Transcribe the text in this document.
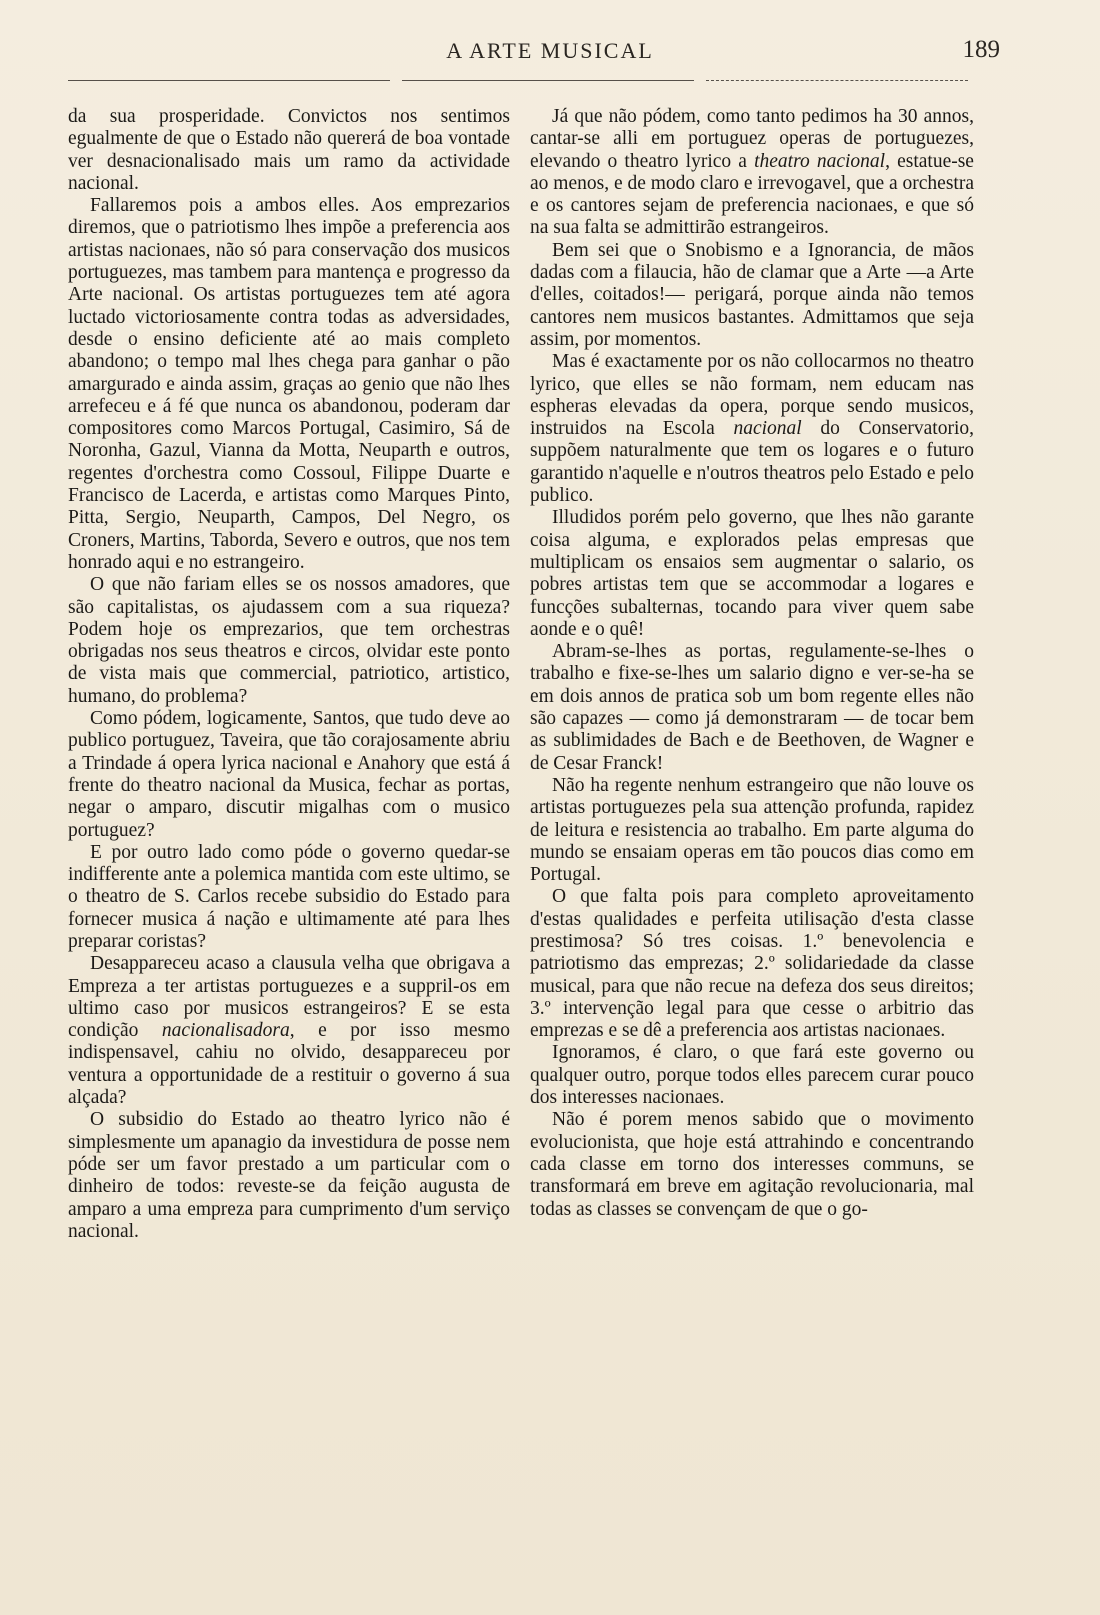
A ARTE MUSICAL	189

da sua prosperidade. Convictos nos sentimos egualmente de que o Estado não quererá de boa vontade ver desnacionalisado mais um ramo da actividade nacional.

Fallaremos pois a ambos elles. Aos emprezarios diremos, que o patriotismo lhes impõe a preferencia aos artistas nacionaes, não só para conservação dos musicos portuguezes, mas tambem para mantença e progresso da Arte nacional. Os artistas portuguezes tem até agora luctado victoriosamente contra todas as adversidades, desde o ensino deficiente até ao mais completo abandono; o tempo mal lhes chega para ganhar o pão amargurado e ainda assim, graças ao genio que não lhes arrefeceu e á fé que nunca os abandonou, poderam dar compositores como Marcos Portugal, Casimiro, Sá de Noronha, Gazul, Vianna da Motta, Neuparth e outros, regentes d'orchestra como Cossoul, Filippe Duarte e Francisco de Lacerda, e artistas como Marques Pinto, Pitta, Sergio, Neuparth, Campos, Del Negro, os Croners, Martins, Taborda, Severo e outros, que nos tem honrado aqui e no estrangeiro.

O que não fariam elles se os nossos amadores, que são capitalistas, os ajudassem com a sua riqueza? Podem hoje os emprezarios, que tem orchestras obrigadas nos seus theatros e circos, olvidar este ponto de vista mais que commercial, patriotico, artistico, humano, do problema?

Como pódem, logicamente, Santos, que tudo deve ao publico portuguez, Taveira, que tão corajosamente abriu a Trindade á opera lyrica nacional e Anahory que está á frente do theatro nacional da Musica, fechar as portas, negar o amparo, discutir migalhas com o musico portuguez?

E por outro lado como póde o governo quedar-se indifferente ante a polemica mantida com este ultimo, se o theatro de S. Carlos recebe subsidio do Estado para fornecer musica á nação e ultimamente até para lhes preparar coristas?

Desappareceu acaso a clausula velha que obrigava a Empreza a ter artistas portuguezes e a suppril-os em ultimo caso por musicos estrangeiros? E se esta condição nacionalisadora, e por isso mesmo indispensavel, cahiu no olvido, desappareceu por ventura a opportunidade de a restituir o governo á sua alçada?

O subsidio do Estado ao theatro lyrico não é simplesmente um apanagio da investidura de posse nem póde ser um favor prestado a um particular com o dinheiro de todos: reveste-se da feição augusta de amparo a uma empreza para cumprimento d'um serviço nacional.

Já que não pódem, como tanto pedimos ha 30 annos, cantar-se alli em portuguez operas de portuguezes, elevando o theatro lyrico a theatro nacional, estatue-se ao menos, e de modo claro e irrevogavel, que a orchestra e os cantores sejam de preferencia nacionaes, e que só na sua falta se admittirão estrangeiros.

Bem sei que o Snobismo e a Ignorancia, de mãos dadas com a filaucia, hão de clamar que a Arte —a Arte d'elles, coitados!— perigará, porque ainda não temos cantores nem musicos bastantes. Admittamos que seja assim, por momentos.

Mas é exactamente por os não collocarmos no theatro lyrico, que elles se não formam, nem educam nas espheras elevadas da opera, porque sendo musicos, instruidos na Escola nacional do Conservatorio, suppõem naturalmente que tem os logares e o futuro garantido n'aquelle e n'outros theatros pelo Estado e pelo publico.

Illudidos porém pelo governo, que lhes não garante coisa alguma, e explorados pelas empresas que multiplicam os ensaios sem augmentar o salario, os pobres artistas tem que se accommodar a logares e funcções subalternas, tocando para viver quem sabe aonde e o quê!

Abram-se-lhes as portas, regulamente-se-lhes o trabalho e fixe-se-lhes um salario digno e ver-se-ha se em dois annos de pratica sob um bom regente elles não são capazes — como já demonstraram — de tocar bem as sublimidades de Bach e de Beethoven, de Wagner e de Cesar Franck!

Não ha regente nenhum estrangeiro que não louve os artistas portuguezes pela sua attenção profunda, rapidez de leitura e resistencia ao trabalho. Em parte alguma do mundo se ensaiam operas em tão poucos dias como em Portugal.

O que falta pois para completo aproveitamento d'estas qualidades e perfeita utilisação d'esta classe prestimosa? Só tres coisas. 1.º benevolencia e patriotismo das emprezas; 2.º solidariedade da classe musical, para que não recue na defeza dos seus direitos; 3.º intervenção legal para que cesse o arbitrio das emprezas e se dê a preferencia aos artistas nacionaes.

Ignoramos, é claro, o que fará este governo ou qualquer outro, porque todos elles parecem curar pouco dos interesses nacionaes.

Não é porem menos sabido que o movimento evolucionista, que hoje está attrahindo e concentrando cada classe em torno dos interesses communs, se transformará em breve em agitação revolucionaria, mal todas as classes se convençam de que o go-
